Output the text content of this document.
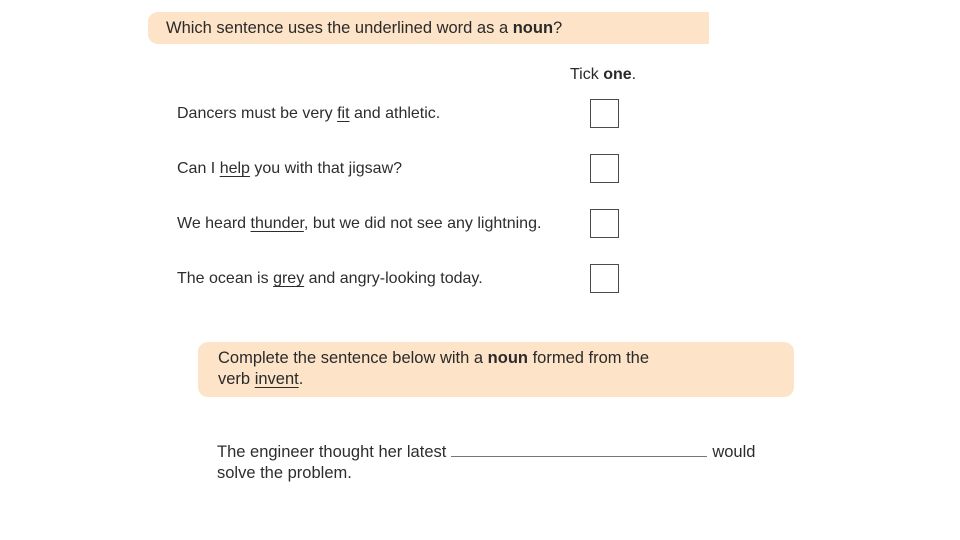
Which sentence uses the underlined word as a noun?
Tick one.
Dancers must be very fit and athletic.
Can I help you with that jigsaw?
We heard thunder, but we did not see any lightning.
The ocean is grey and angry-looking today.
Complete the sentence below with a noun formed from the
verb invent.
The engineer thought her latest	would
solve the problem.
